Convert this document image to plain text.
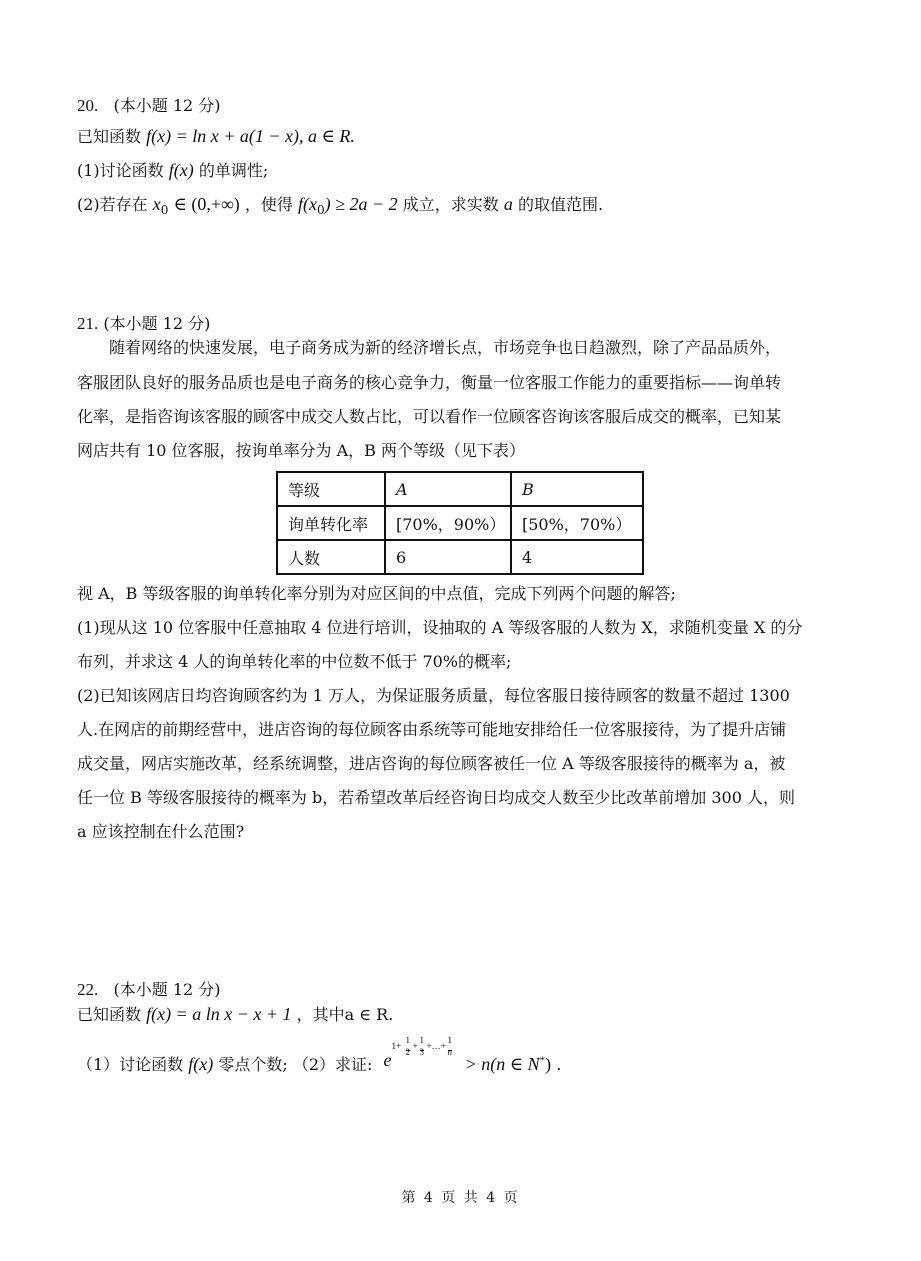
20. (本小题 12 分)
已知函数 f(x) = ln x + a(1 − x), a ∈ R.
(1)讨论函数 f(x) 的单调性;
(2)若存在 $x_0$ ∈ (0,+∞) ，使得 $f(x_0) \ge 2a - 2$ 成立，求实数 a 的取值范围.
21. (本小题 12 分)
随着网络的快速发展，电子商务成为新的经济增长点，市场竞争也日趋激烈，除了产品品质外，
客服团队良好的服务品质也是电子商务的核心竞争力，衡量一位客服工作能力的重要指标——询单转
化率，是指咨询该客服的顾客中成交人数占比，可以看作一位顾客咨询该客服后成交的概率，已知某
网店共有 10 位客服，按询单率分为 A，B 两个等级（见下表）
等级	A	B
询单转化率	[70%，90%）	[50%，70%）
人数	6	4
视 A，B 等级客服的询单转化率分别为对应区间的中点值，完成下列两个问题的解答;
(1)现从这 10 位客服中任意抽取 4 位进行培训，设抽取的 A 等级客服的人数为 X，求随机变量 X 的分
布列，并求这 4 人的询单转化率的中位数不低于 70%的概率;
(2)已知该网店日均咨询顾客约为 1 万人，为保证服务质量，每位客服日接待顾客的数量不超过 1300
人.在网店的前期经营中，进店咨询的每位顾客由系统等可能地安排给任一位客服接待，为了提升店铺
成交量，网店实施改革，经系统调整，进店咨询的每位顾客被任一位 A 等级客服接待的概率为 a，被
任一位 B 等级客服接待的概率为 b，若希望改革后经咨询日均成交人数至少比改革前增加 300 人，则
a 应该控制在什么范围?
22. (本小题 12 分)
已知函数 f(x) = a ln x − x + 1 ，其中a ∈ R.
（1）讨论函数 f(x) 零点个数; （2）求证: e
1+
1
2
+
1
3
+…+
1
n
> n(n ∈ N*) .
第 4 页 共 4 页
